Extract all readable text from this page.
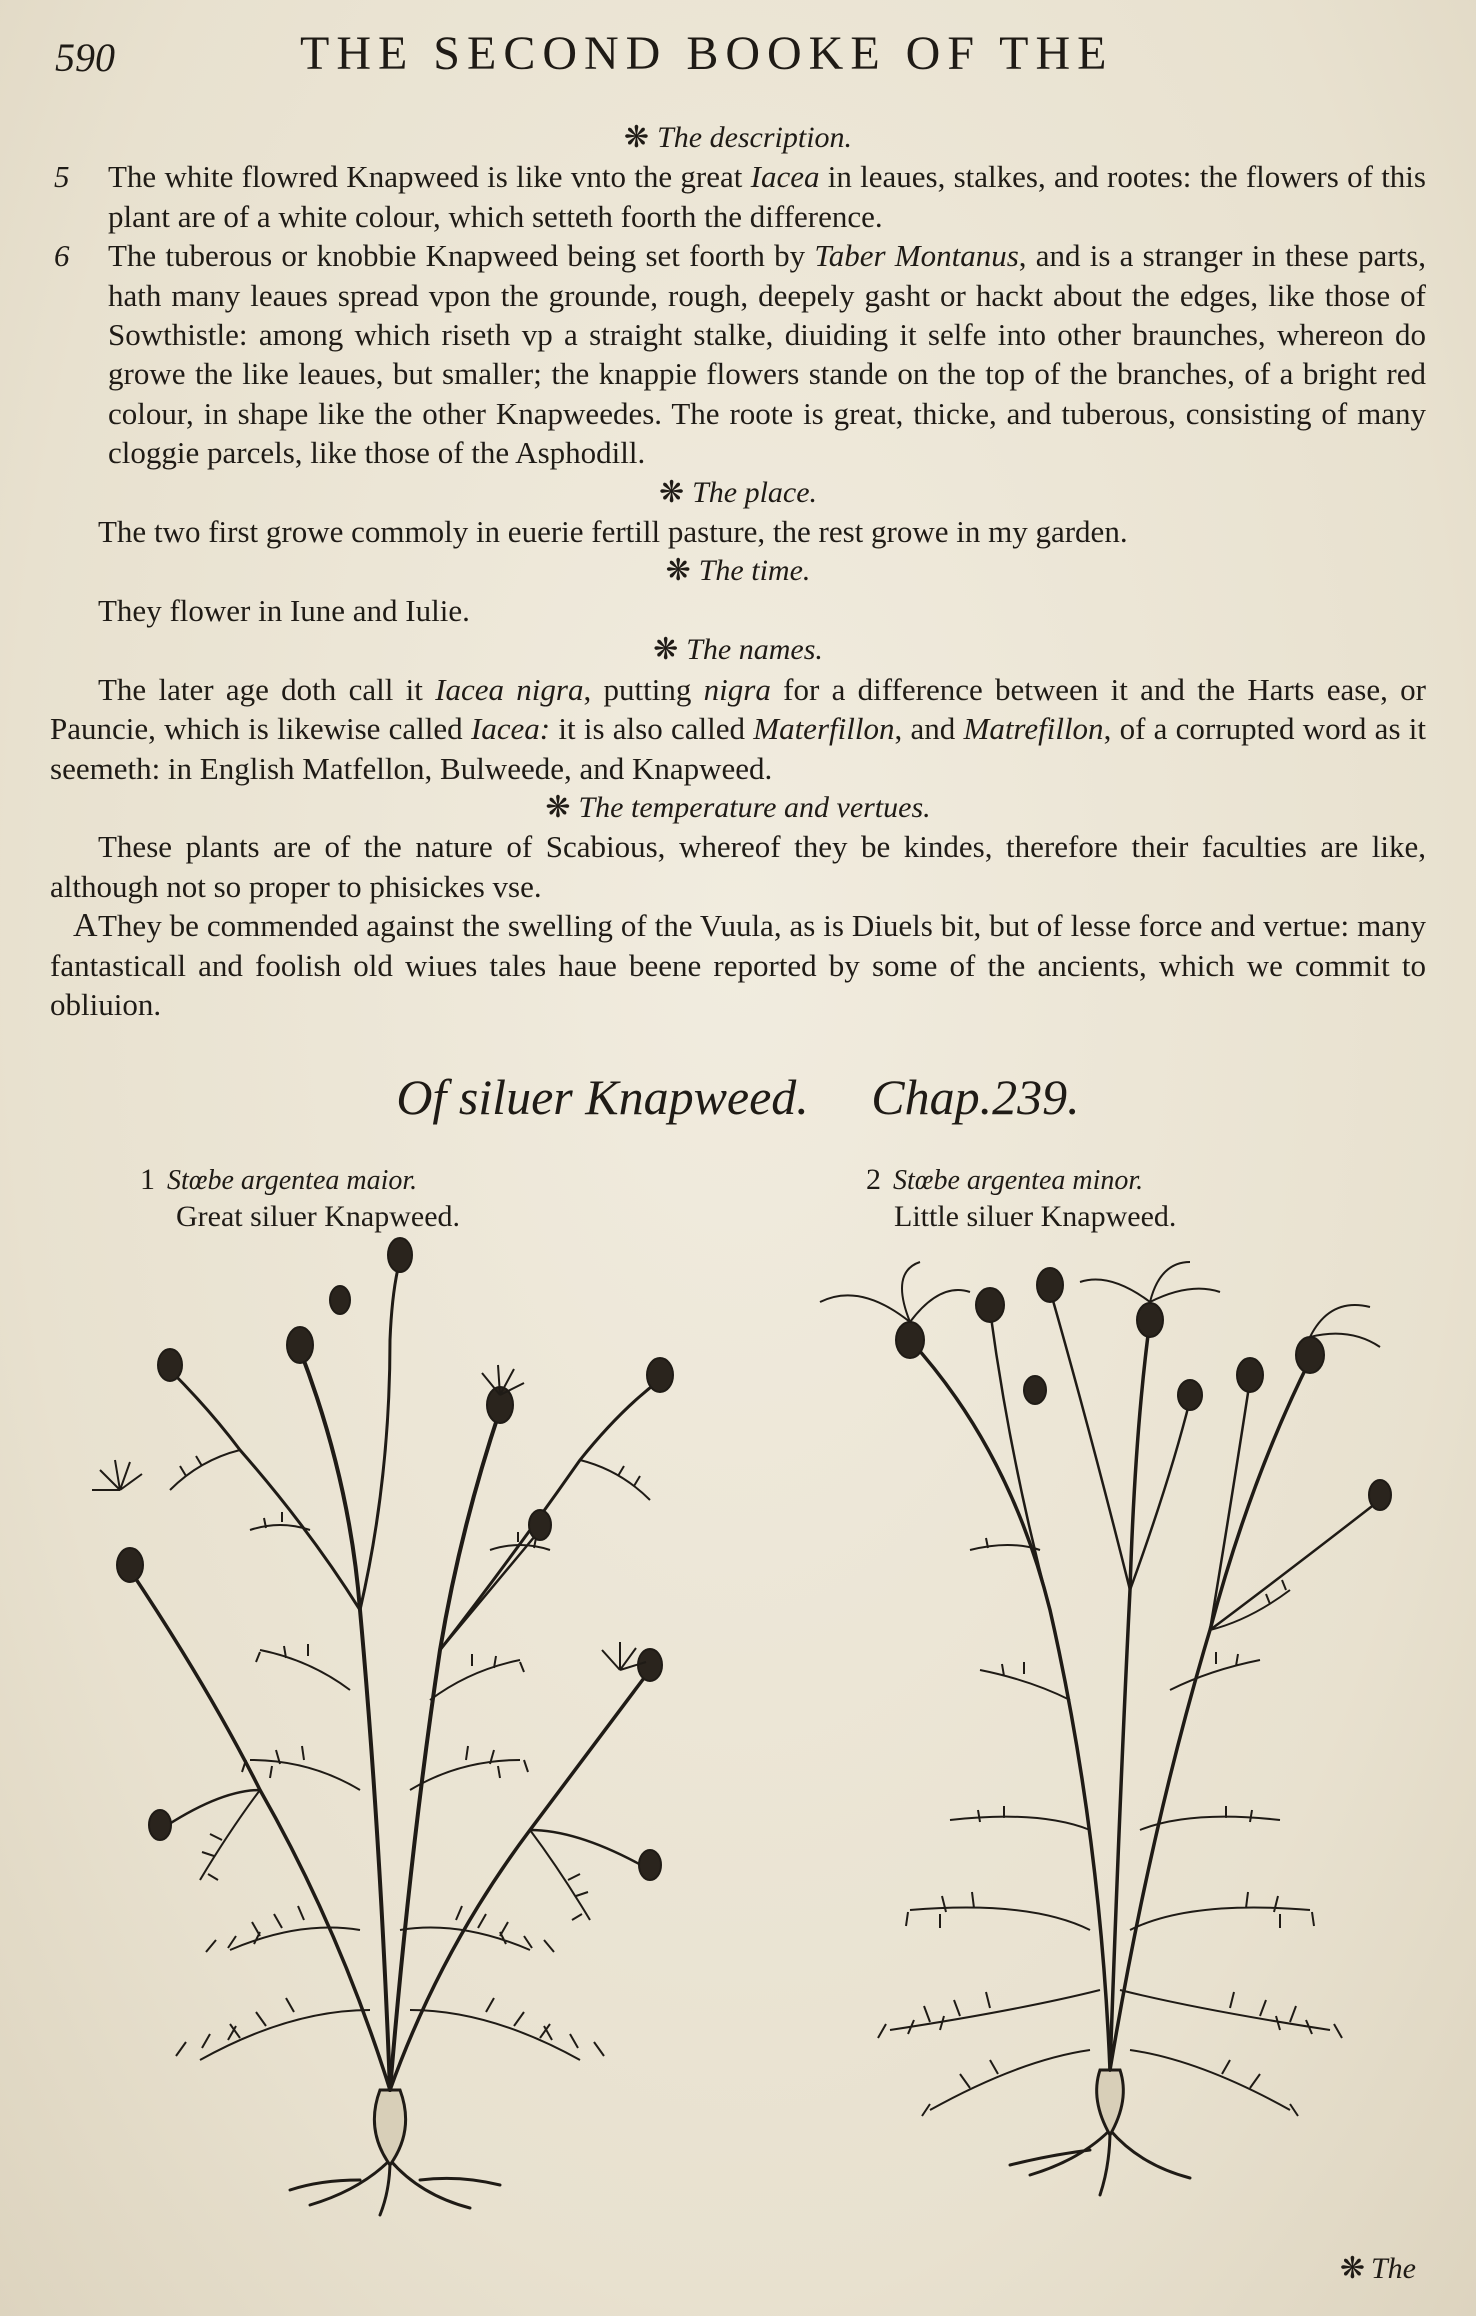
590	THE SECOND BOOKE OF THE
❋ The description.

5 The white flowred Knapweed is like vnto the great Iacea in leaues, stalkes, and rootes: the flowers of this plant are of a white colour, which setteth foorth the difference.

6 The tuberous or knobbie Knapweed being set foorth by Taber Montanus, and is a stranger in these parts, hath many leaues spread vpon the grounde, rough, deepely gasht or hackt about the edges, like those of Sowthistle: among which riseth vp a straight stalke, diuiding it selfe into other braunches, whereon do growe the like leaues, but smaller; the knappie flowers stande on the top of the branches, of a bright red colour, in shape like the other Knapweedes. The roote is great, thicke, and tuberous, consisting of many cloggie parcels, like those of the Asphodill.

❋ The place.

The two first growe commoly in euerie fertill pasture, the rest growe in my garden.

❋ The time.

They flower in Iune and Iulie.

❋ The names.

The later age doth call it Iacea nigra, putting nigra for a difference between it and the Harts ease, or Pauncie, which is likewise called Iacea: it is also called Materfillon, and Matrefillon, of a corrupted word as it seemeth: in English Matfellon, Bulweede, and Knapweed.

❋ The temperature and vertues.

These plants are of the nature of Scabious, whereof they be kindes, therefore their faculties are like, although not so proper to phisickes vse.

A They be commended against the swelling of the Vuula, as is Diuels bit, but of lesse force and vertue: many fantasticall and foolish old wiues tales haue beene reported by some of the ancients, which we commit to obliuion.

Of siluer Knapweed.     Chap.239.
1 Stœbe argentea maior.
Great siluer Knapweed.
2 Stœbe argentea minor.
Little siluer Knapweed.
❋ The
